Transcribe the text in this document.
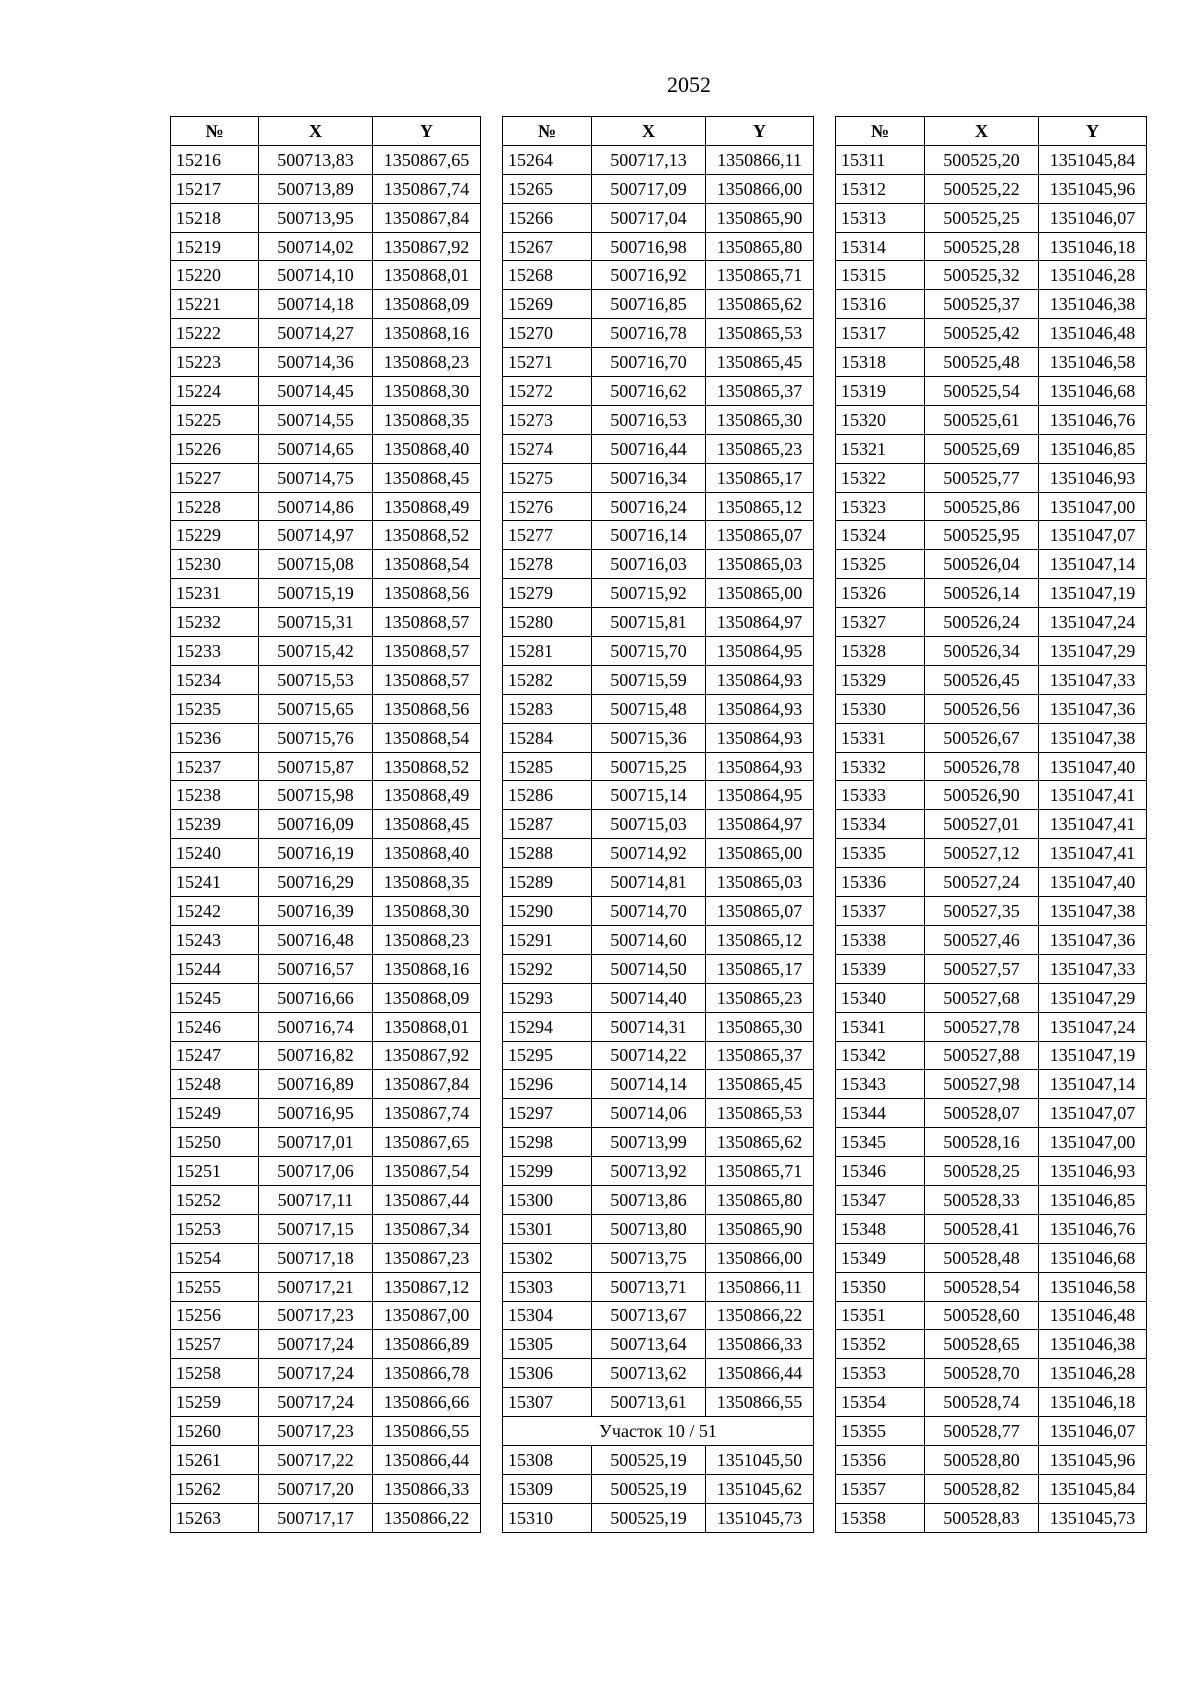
2052
№	X	Y
15216	500713,83	1350867,65
15217	500713,89	1350867,74
15218	500713,95	1350867,84
15219	500714,02	1350867,92
15220	500714,10	1350868,01
15221	500714,18	1350868,09
15222	500714,27	1350868,16
15223	500714,36	1350868,23
15224	500714,45	1350868,30
15225	500714,55	1350868,35
15226	500714,65	1350868,40
15227	500714,75	1350868,45
15228	500714,86	1350868,49
15229	500714,97	1350868,52
15230	500715,08	1350868,54
15231	500715,19	1350868,56
15232	500715,31	1350868,57
15233	500715,42	1350868,57
15234	500715,53	1350868,57
15235	500715,65	1350868,56
15236	500715,76	1350868,54
15237	500715,87	1350868,52
15238	500715,98	1350868,49
15239	500716,09	1350868,45
15240	500716,19	1350868,40
15241	500716,29	1350868,35
15242	500716,39	1350868,30
15243	500716,48	1350868,23
15244	500716,57	1350868,16
15245	500716,66	1350868,09
15246	500716,74	1350868,01
15247	500716,82	1350867,92
15248	500716,89	1350867,84
15249	500716,95	1350867,74
15250	500717,01	1350867,65
15251	500717,06	1350867,54
15252	500717,11	1350867,44
15253	500717,15	1350867,34
15254	500717,18	1350867,23
15255	500717,21	1350867,12
15256	500717,23	1350867,00
15257	500717,24	1350866,89
15258	500717,24	1350866,78
15259	500717,24	1350866,66
15260	500717,23	1350866,55
15261	500717,22	1350866,44
15262	500717,20	1350866,33
15263	500717,17	1350866,22
№	X	Y
15264	500717,13	1350866,11
15265	500717,09	1350866,00
15266	500717,04	1350865,90
15267	500716,98	1350865,80
15268	500716,92	1350865,71
15269	500716,85	1350865,62
15270	500716,78	1350865,53
15271	500716,70	1350865,45
15272	500716,62	1350865,37
15273	500716,53	1350865,30
15274	500716,44	1350865,23
15275	500716,34	1350865,17
15276	500716,24	1350865,12
15277	500716,14	1350865,07
15278	500716,03	1350865,03
15279	500715,92	1350865,00
15280	500715,81	1350864,97
15281	500715,70	1350864,95
15282	500715,59	1350864,93
15283	500715,48	1350864,93
15284	500715,36	1350864,93
15285	500715,25	1350864,93
15286	500715,14	1350864,95
15287	500715,03	1350864,97
15288	500714,92	1350865,00
15289	500714,81	1350865,03
15290	500714,70	1350865,07
15291	500714,60	1350865,12
15292	500714,50	1350865,17
15293	500714,40	1350865,23
15294	500714,31	1350865,30
15295	500714,22	1350865,37
15296	500714,14	1350865,45
15297	500714,06	1350865,53
15298	500713,99	1350865,62
15299	500713,92	1350865,71
15300	500713,86	1350865,80
15301	500713,80	1350865,90
15302	500713,75	1350866,00
15303	500713,71	1350866,11
15304	500713,67	1350866,22
15305	500713,64	1350866,33
15306	500713,62	1350866,44
15307	500713,61	1350866,55
Участок 10 / 51		
15308	500525,19	1351045,50
15309	500525,19	1351045,62
15310	500525,19	1351045,73
№	X	Y
15311	500525,20	1351045,84
15312	500525,22	1351045,96
15313	500525,25	1351046,07
15314	500525,28	1351046,18
15315	500525,32	1351046,28
15316	500525,37	1351046,38
15317	500525,42	1351046,48
15318	500525,48	1351046,58
15319	500525,54	1351046,68
15320	500525,61	1351046,76
15321	500525,69	1351046,85
15322	500525,77	1351046,93
15323	500525,86	1351047,00
15324	500525,95	1351047,07
15325	500526,04	1351047,14
15326	500526,14	1351047,19
15327	500526,24	1351047,24
15328	500526,34	1351047,29
15329	500526,45	1351047,33
15330	500526,56	1351047,36
15331	500526,67	1351047,38
15332	500526,78	1351047,40
15333	500526,90	1351047,41
15334	500527,01	1351047,41
15335	500527,12	1351047,41
15336	500527,24	1351047,40
15337	500527,35	1351047,38
15338	500527,46	1351047,36
15339	500527,57	1351047,33
15340	500527,68	1351047,29
15341	500527,78	1351047,24
15342	500527,88	1351047,19
15343	500527,98	1351047,14
15344	500528,07	1351047,07
15345	500528,16	1351047,00
15346	500528,25	1351046,93
15347	500528,33	1351046,85
15348	500528,41	1351046,76
15349	500528,48	1351046,68
15350	500528,54	1351046,58
15351	500528,60	1351046,48
15352	500528,65	1351046,38
15353	500528,70	1351046,28
15354	500528,74	1351046,18
15355	500528,77	1351046,07
15356	500528,80	1351045,96
15357	500528,82	1351045,84
15358	500528,83	1351045,73
